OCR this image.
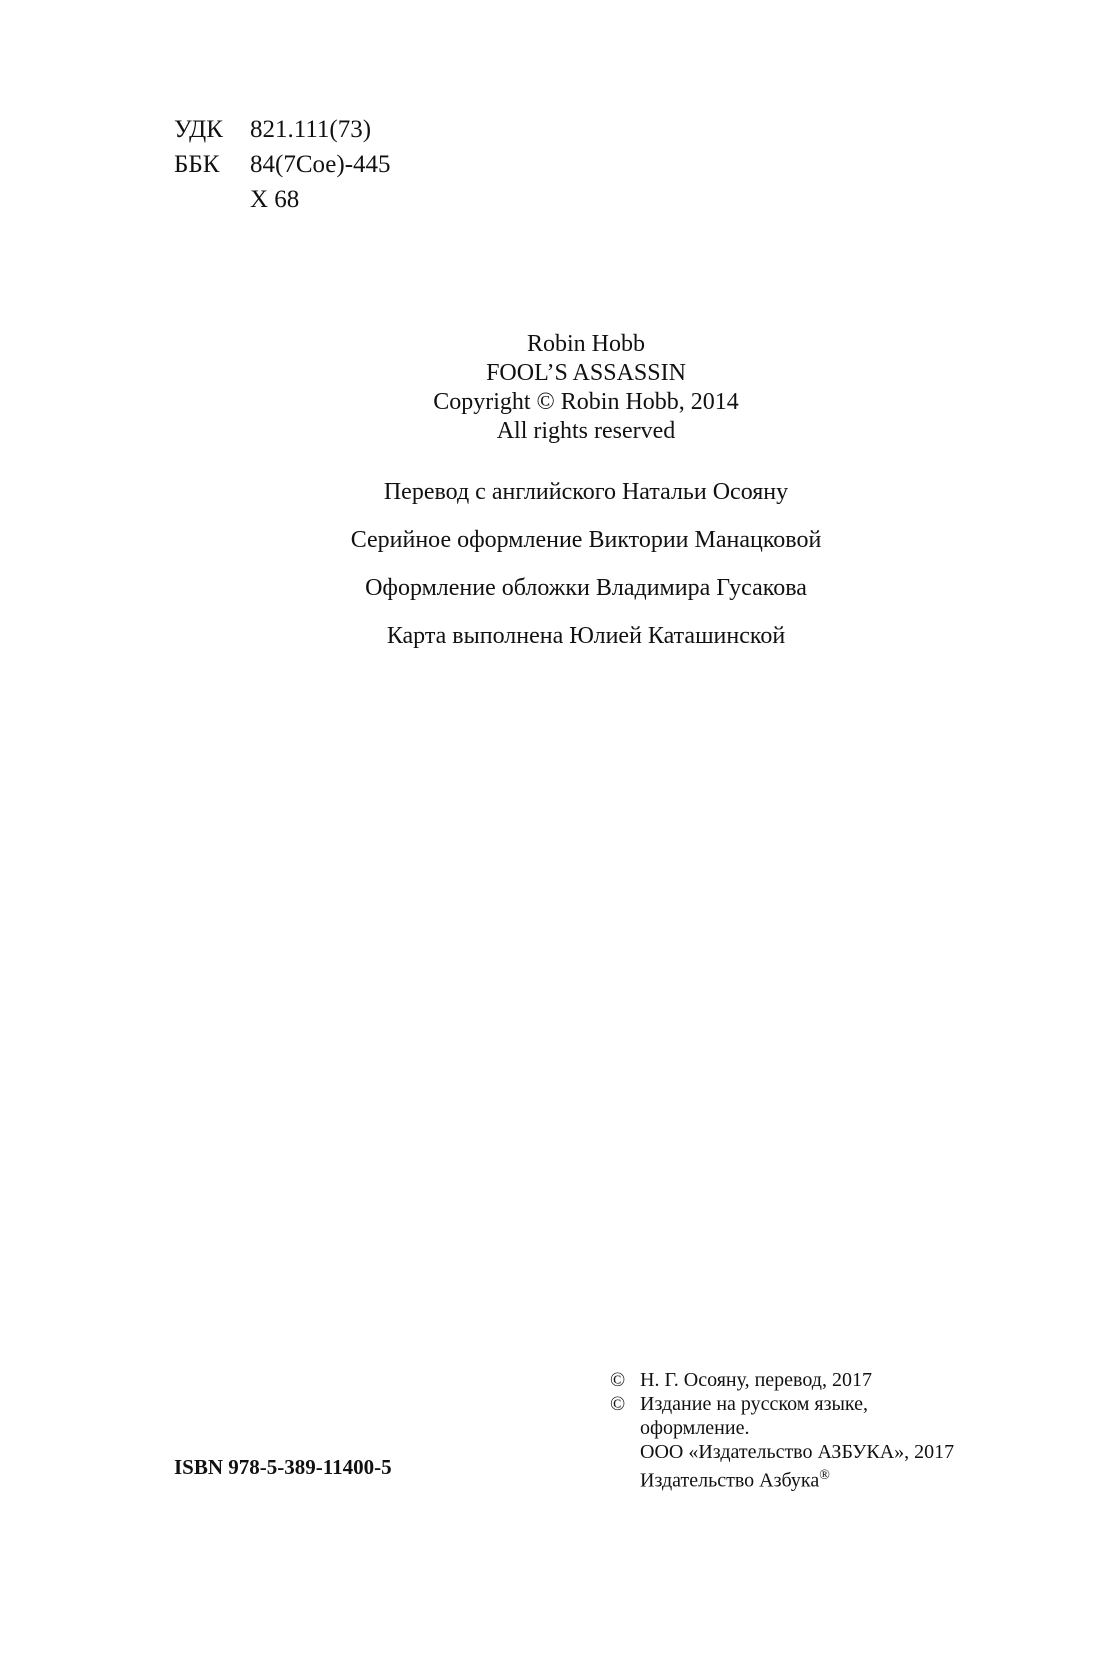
УДК	821.111(73)
ББК	84(7Сое)-445
Х 68
Robin Hobb
FOOL’S ASSASSIN
Copyright © Robin Hobb, 2014
All rights reserved
Перевод с английского Натальи Осояну
Серийное оформление Виктории Манацковой
Оформление обложки Владимира Гусакова
Карта выполнена Юлией Каташинской
ISBN 978-5-389-11400-5
© Н. Г. Осояну, перевод, 2017
© Издание на русском языке,
оформление.
ООО «Издательство АЗБУКА», 2017
Издательство Азбука®
